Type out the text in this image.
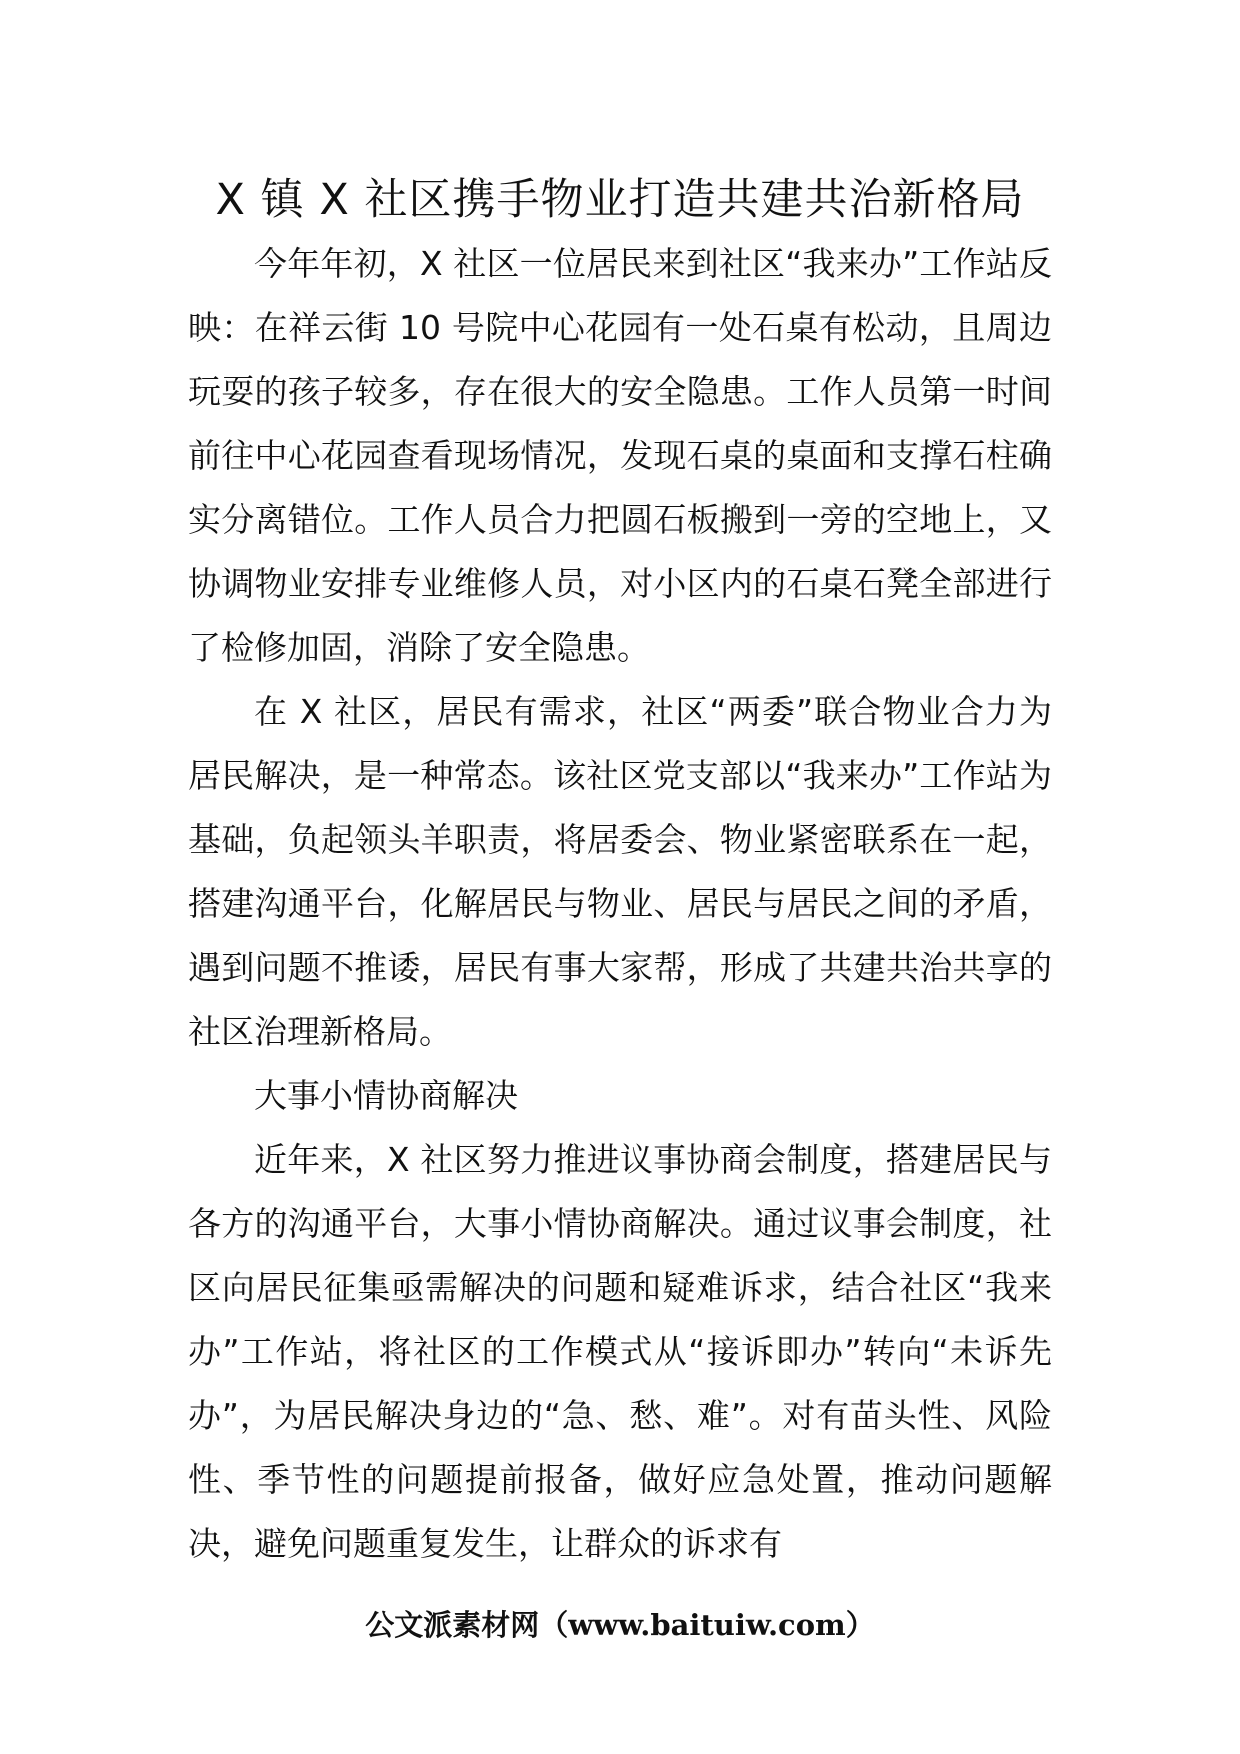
X 镇 X 社区携手物业打造共建共治新格局

今年年初，X 社区一位居民来到社区“我来办”工作站反映：在祥云街 10 号院中心花园有一处石桌有松动，且周边玩耍的孩子较多，存在很大的安全隐患。工作人员第一时间前往中心花园查看现场情况，发现石桌的桌面和支撑石柱确实分离错位。工作人员合力把圆石板搬到一旁的空地上，又协调物业安排专业维修人员，对小区内的石桌石凳全部进行了检修加固，消除了安全隐患。

在 X 社区，居民有需求，社区“两委”联合物业合力为居民解决，是一种常态。该社区党支部以“我来办”工作站为基础，负起领头羊职责，将居委会、物业紧密联系在一起，搭建沟通平台，化解居民与物业、居民与居民之间的矛盾，遇到问题不推诿，居民有事大家帮，形成了共建共治共享的社区治理新格局。

大事小情协商解决

近年来，X 社区努力推进议事协商会制度，搭建居民与各方的沟通平台，大事小情协商解决。通过议事会制度，社区向居民征集亟需解决的问题和疑难诉求，结合社区“我来办”工作站，将社区的工作模式从“接诉即办”转向“未诉先办”，为居民解决身边的“急、愁、难”。对有苗头性、风险性、季节性的问题提前报备，做好应急处置，推动问题解决，避免问题重复发生，让群众的诉求有

公文派素材网（www.baituiw.com）
